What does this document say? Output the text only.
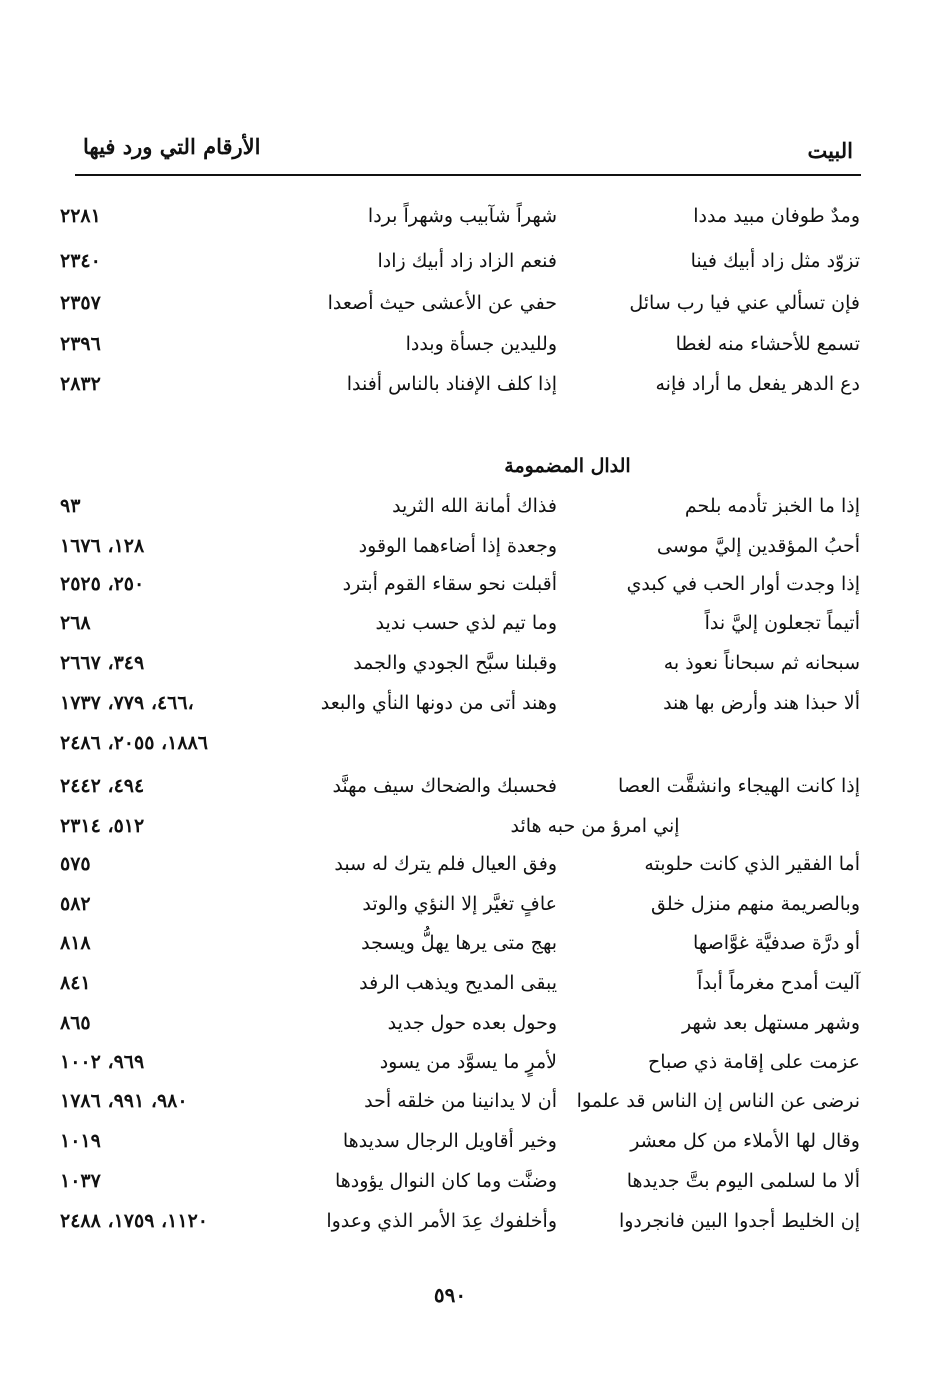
البيت
الأرقام التي ورد فيها
ومدٌ طوفان مبيد مددا
شهراً شآبيب وشهراً بردا
٢٢٨١
تزوّد مثل زاد أبيك فينا
فنعم الزاد زاد أبيك زادا
٢٣٤٠
فإن تسألي عني فيا رب سائل
حفي عن الأعشى حيث أصعدا
٢٣٥٧
تسمع للأحشاء منه لغطا
ولليدين جسأة وبددا
٢٣٩٦
دع الدهر يفعل ما أراد فإنه
إذا كلف الإفناد بالناس أفندا
٢٨٣٢
الدال المضمومة
إذا ما الخبز تأدمه بلحم
فذاك أمانة الله الثريد
٩٣
أحبُ المؤقدين إليَّ موسى
وجعدة إذا أضاءهما الوقود
١٢٨، ١٦٧٦
إذا وجدت أوار الحب في كبدي
أقبلت نحو سقاء القوم أبترد
٢٥٠، ٢٥٢٥
أتيماً تجعلون إليَّ نداً
وما تيم لذي حسب نديد
٢٦٨
سبحانه ثم سبحاناً نعوذ به
وقبلنا سبَّح الجودي والجمد
٣٤٩، ٢٦٦٧
ألا حبذا هند وأرض بها هند
وهند أتى من دونها النأي والبعد
٤٦٦، ٧٧٩، ١٧٣٧،
١٨٨٦، ٢٠٥٥، ٢٤٨٦
إذا كانت الهيجاء وانشقَّت العصا
فحسبك والضحاك سيف مهنَّد
٤٩٤، ٢٤٤٢
إني امرؤ من حبه هائد
٥١٢، ٢٣١٤
أما الفقير الذي كانت حلوبته
وفق العيال فلم يترك له سبد
٥٧٥
وبالصريمة منهم منزل خلق
عافٍ تغيَّر إلا النؤي والوتد
٥٨٢
أو درَّة صدفيَّة غوَّاصها
بهج متى يرها يهلُّ ويسجد
٨١٨
آليت أمدح مغرماً أبداً
يبقى المديح ويذهب الرفد
٨٤١
وشهر مستهل بعد شهر
وحول بعده حول جديد
٨٦٥
عزمت على إقامة ذي صباح
لأمرٍ ما يسوَّد من يسود
٩٦٩، ١٠٠٢
نرضى عن الناس إن الناس قد علموا
أن لا يدانينا من خلقه أحد
٩٨٠، ٩٩١، ١٧٨٦
وقال لها الأملاء من كل معشر
وخير أقاويل الرجال سديدها
١٠١٩
ألا ما لسلمى اليوم بتَّ جديدها
وضنَّت وما كان النوال يؤودها
١٠٣٧
إن الخليط أجدوا البين فانجردوا
وأخلفوك عِدَ الأمر الذي وعدوا
١١٢٠، ١٧٥٩، ٢٤٨٨
٥٩٠
